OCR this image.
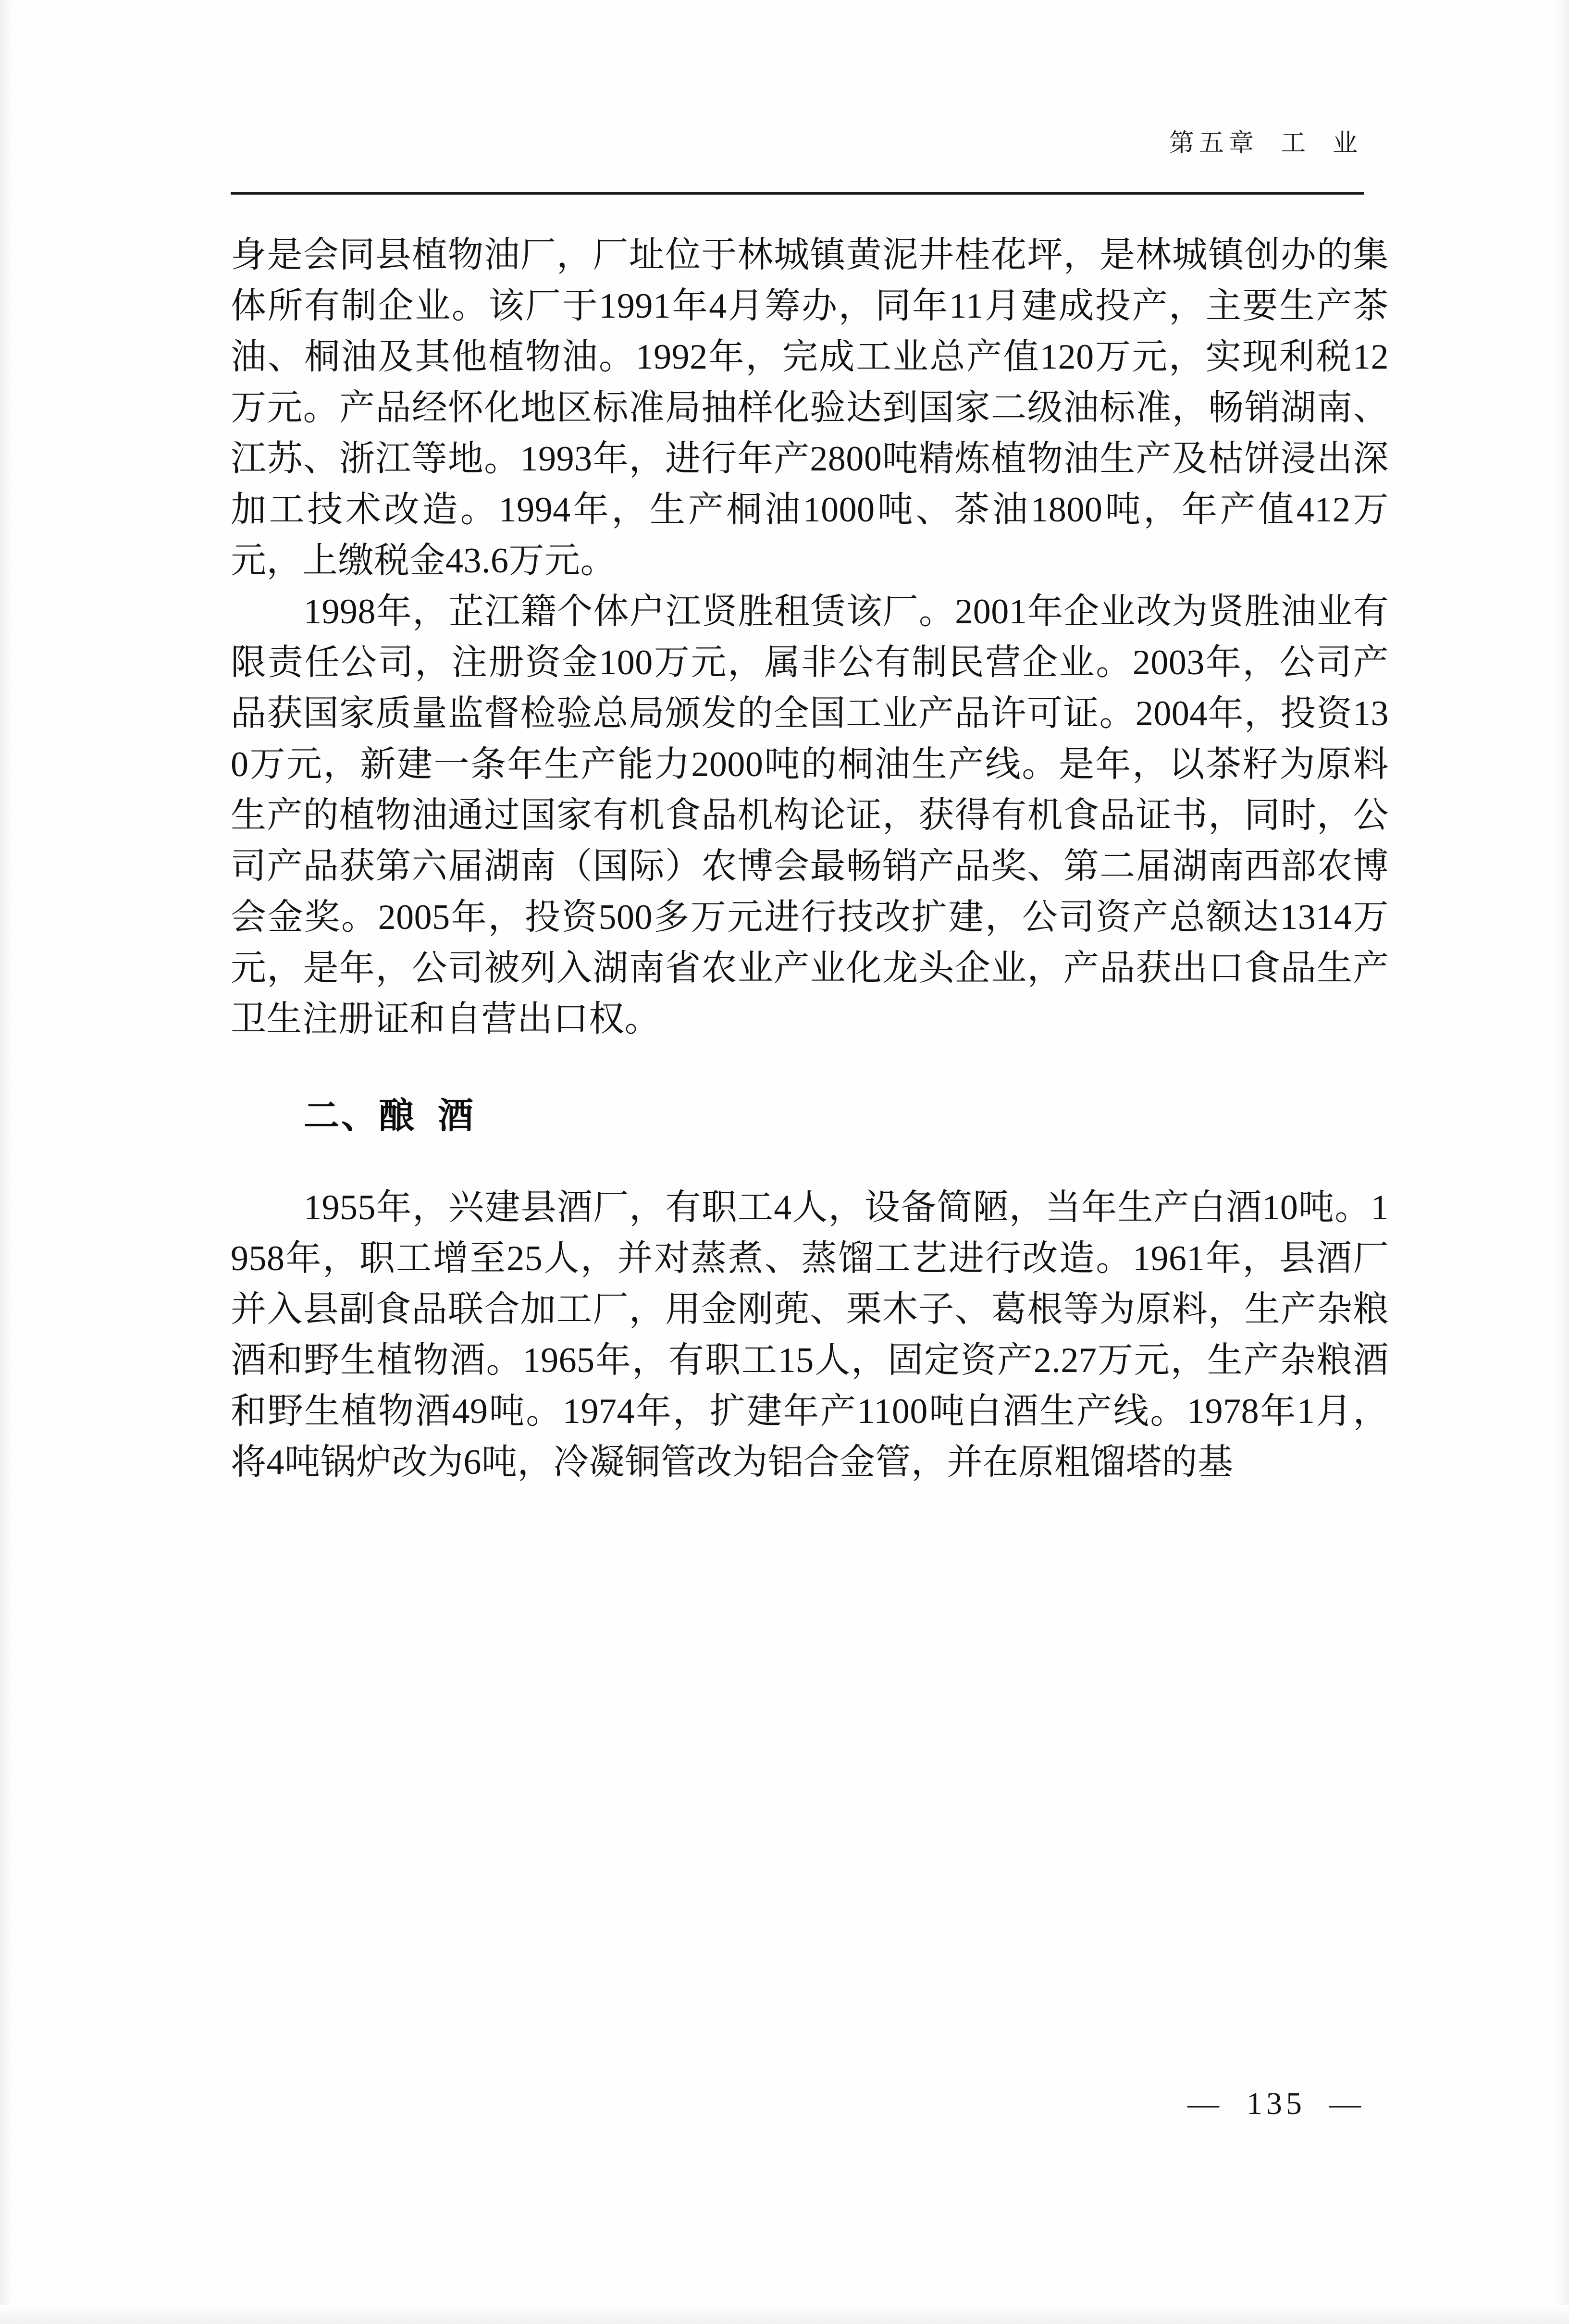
第五章  工  业

身是会同县植物油厂，厂址位于林城镇黄泥井桂花坪，是林城镇创办的集体所有制企业。该厂于1991年4月筹办，同年11月建成投产，主要生产茶油、桐油及其他植物油。1992年，完成工业总产值120万元，实现利税12万元。产品经怀化地区标准局抽样化验达到国家二级油标准，畅销湖南、江苏、浙江等地。1993年，进行年产2800吨精炼植物油生产及枯饼浸出深加工技术改造。1994年，生产桐油1000吨、茶油1800吨，年产值412万元，上缴税金43.6万元。

1998年，芷江籍个体户江贤胜租赁该厂。2001年企业改为贤胜油业有限责任公司，注册资金100万元，属非公有制民营企业。2003年，公司产品获国家质量监督检验总局颁发的全国工业产品许可证。2004年，投资130万元，新建一条年生产能力2000吨的桐油生产线。是年，以茶籽为原料生产的植物油通过国家有机食品机构论证，获得有机食品证书，同时，公司产品获第六届湖南（国际）农博会最畅销产品奖、第二届湖南西部农博会金奖。2005年，投资500多万元进行技改扩建，公司资产总额达1314万元，是年，公司被列入湖南省农业产业化龙头企业，产品获出口食品生产卫生注册证和自营出口权。

二、酿  酒

1955年，兴建县酒厂，有职工4人，设备简陋，当年生产白酒10吨。1958年，职工增至25人，并对蒸煮、蒸馏工艺进行改造。1961年，县酒厂并入县副食品联合加工厂，用金刚蔸、栗木子、葛根等为原料，生产杂粮酒和野生植物酒。1965年，有职工15人，固定资产2.27万元，生产杂粮酒和野生植物酒49吨。1974年，扩建年产1100吨白酒生产线。1978年1月，将4吨锅炉改为6吨，冷凝铜管改为铝合金管，并在原粗馏塔的基

—  135  —
